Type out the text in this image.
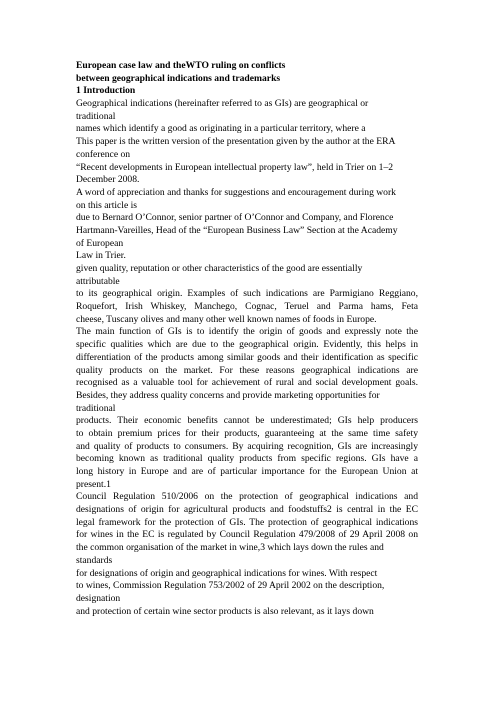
European case law and theWTO ruling on conflicts
between geographical indications and trademarks
1 Introduction
Geographical indications (hereinafter referred to as GIs) are geographical or
traditional
names which identify a good as originating in a particular territory, where a
This paper is the written version of the presentation given by the author at the ERA
conference on
“Recent developments in European intellectual property law”, held in Trier on 1–2
December 2008.
A word of appreciation and thanks for suggestions and encouragement during work
on this article is
due to Bernard O’Connor, senior partner of O’Connor and Company, and Florence
Hartmann-Vareilles, Head of the “European Business Law” Section at the Academy
of European
Law in Trier.
given quality, reputation or other characteristics of the good are essentially
attributable
to its geographical origin. Examples of such indications are Parmigiano Reggiano,
Roquefort, Irish Whiskey, Manchego, Cognac, Teruel and Parma hams, Feta
cheese, Tuscany olives and many other well known names of foods in Europe.
The main function of GIs is to identify the origin of goods and expressly note the
specific qualities which are due to the geographical origin. Evidently, this helps in
differentiation of the products among similar goods and their identification as specific
quality products on the market. For these reasons geographical indications are
recognised as a valuable tool for achievement of rural and social development goals.
Besides, they address quality concerns and provide marketing opportunities for
traditional
products. Their economic benefits cannot be underestimated; GIs help producers
to obtain premium prices for their products, guaranteeing at the same time safety
and quality of products to consumers. By acquiring recognition, GIs are increasingly
becoming known as traditional quality products from specific regions. GIs have a
long history in Europe and are of particular importance for the European Union at
present.1
Council Regulation 510/2006 on the protection of geographical indications and
designations of origin for agricultural products and foodstuffs2 is central in the EC
legal framework for the protection of GIs. The protection of geographical indications
for wines in the EC is regulated by Council Regulation 479/2008 of 29 April 2008 on
the common organisation of the market in wine,3 which lays down the rules and
standards
for designations of origin and geographical indications for wines. With respect
to wines, Commission Regulation 753/2002 of 29 April 2002 on the description,
designation
and protection of certain wine sector products is also relevant, as it lays down
